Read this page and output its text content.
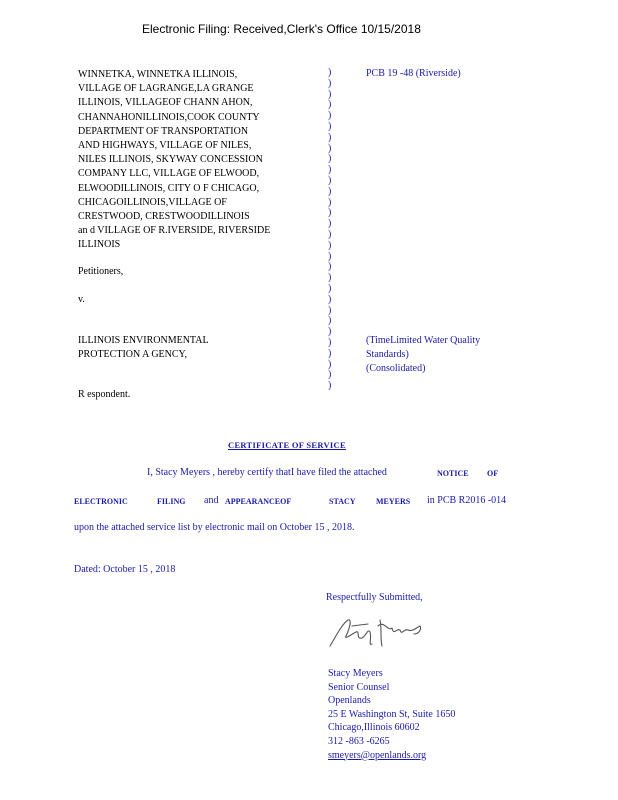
Electronic Filing: Received,Clerk's Office 10/15/2018
WINNETKA, WINNETKA ILLINOIS,
VILLAGE OF LAGRANGE,LA GRANGE
ILLINOIS, VILLAGEOF CHANN AHON,
CHANNAHONILLINOIS,COOK COUNTY
DEPARTMENT OF TRANSPORTATION
AND HIGHWAYS, VILLAGE OF NILES,
NILES ILLINOIS, SKYWAY CONCESSION
COMPANY LLC, VILLAGE OF ELWOOD,
ELWOODILLINOIS, CITY O F CHICAGO,
CHICAGOILLINOIS,VILLAGE OF
CRESTWOOD, CRESTWOODILLINOIS
an d VILLAGE OF R.IVERSIDE, RIVERSIDE
ILLINOIS
Petitioners,
v.
ILLINOIS ENVIRONMENTAL
PROTECTION A GENCY,
R espondent.
)
)
)
)
)
)
)
)
)
)
)
)
)
)
)
)
)
)
)
)
)
)
)
)
)
)
)
)
)
)
PCB 19 -48 (Riverside)
(TimeLimited Water Quality
Standards)
(Consolidated)
CERTIFICATE OF SERVICE
I, Stacy Meyers , hereby certify thatI have filed the attached	NOTICE OF
ELECTRONIC	FILING and APPEARANCEOF	STACY	MEYERS in PCB R2016 -014
upon the attached service list by electronic mail on October 15 , 2018.
Dated: October 15 , 2018
Respectfully Submitted,
Stacy Meyers
Senior Counsel
Openlands
25 E Washington St, Suite 1650
Chicago,Illinois 60602
312 -863 -6265
smeyers@openlands.org
